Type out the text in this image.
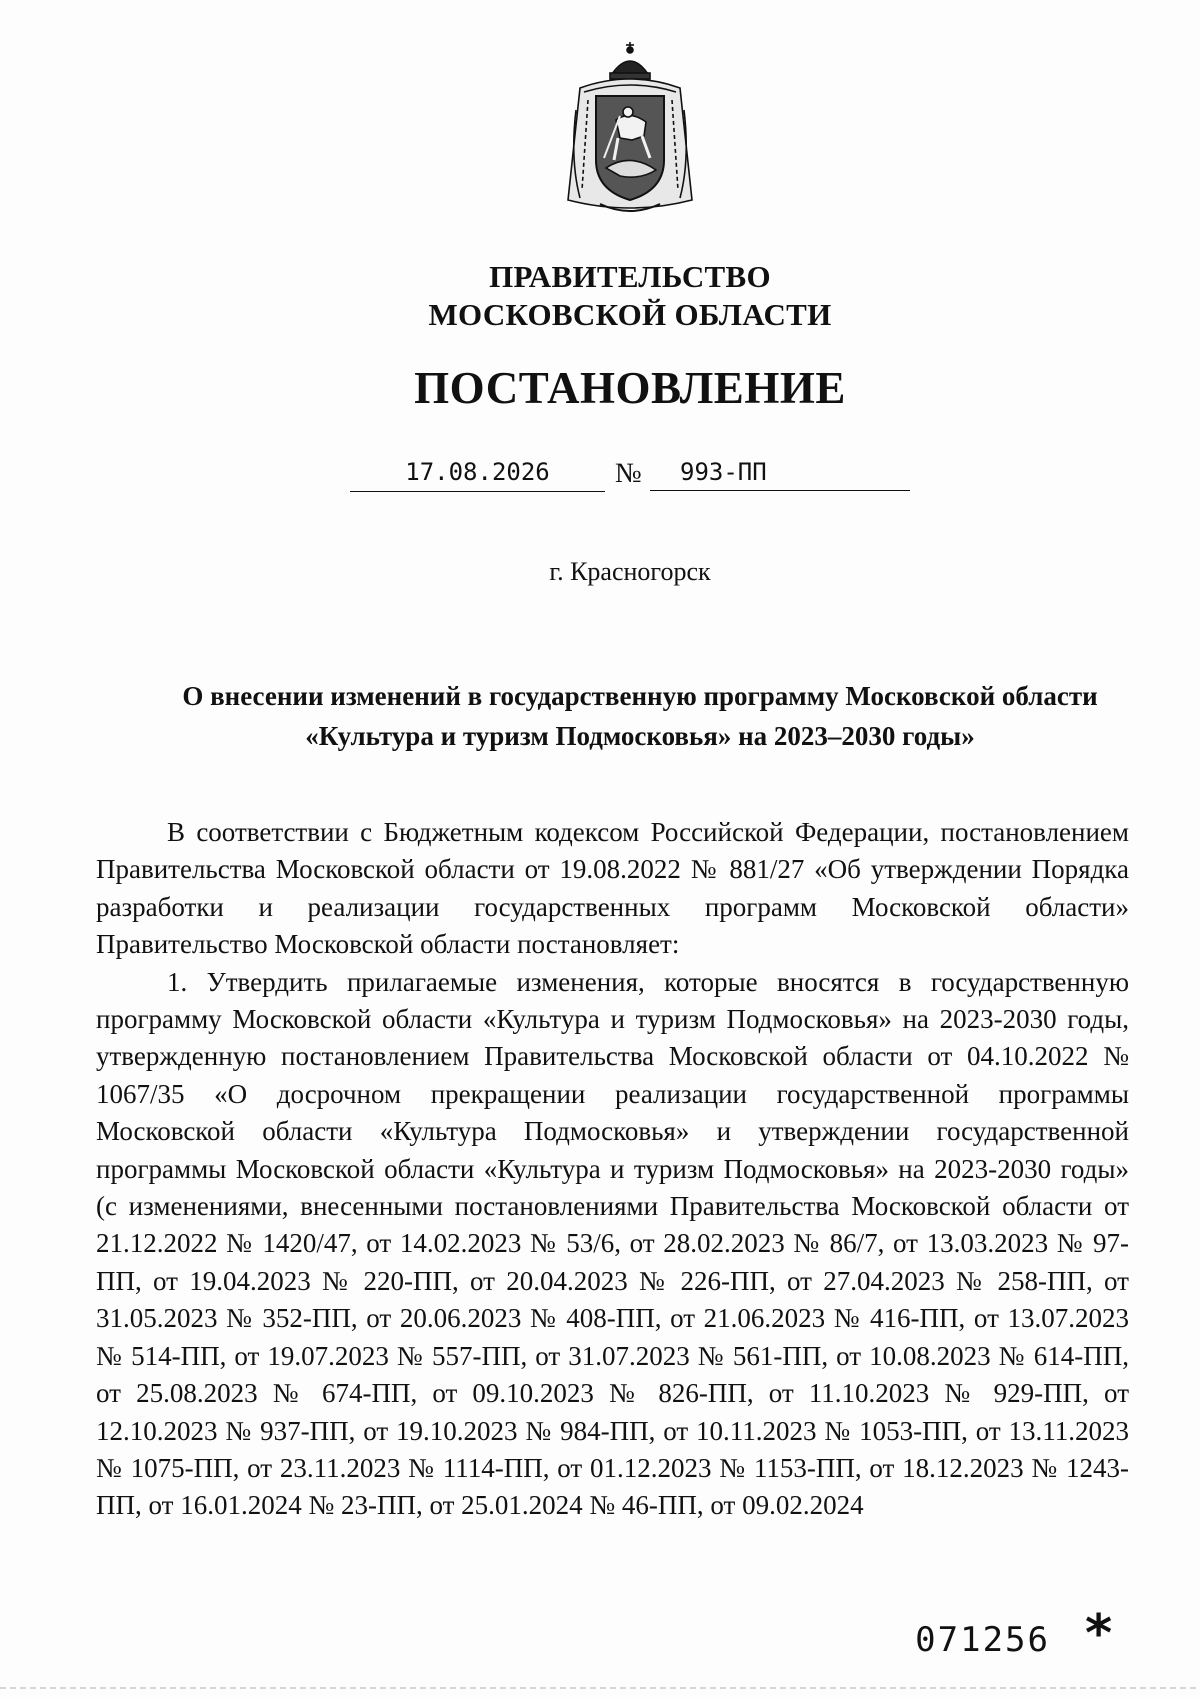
ПРАВИТЕЛЬСТВО
МОСКОВСКОЙ ОБЛАСТИ
ПОСТАНОВЛЕНИЕ
17.08.2026	№	993-ПП
г. Красногорск
О внесении изменений в государственную программу Московской области
«Культура и туризм Подмосковья» на 2023–2030 годы»

В соответствии с Бюджетным кодексом Российской Федерации, постановлением Правительства Московской области от 19.08.2022 № 881/27 «Об утверждении Порядка разработки и реализации государственных программ Московской области» Правительство Московской области постановляет:

1. Утвердить прилагаемые изменения, которые вносятся в государственную программу Московской области «Культура и туризм Подмосковья» на 2023-2030 годы, утвержденную постановлением Правительства Московской области от 04.10.2022 № 1067/35 «О досрочном прекращении реализации государственной программы Московской области «Культура Подмосковья» и утверждении государственной программы Московской области «Культура и туризм Подмосковья» на 2023-2030 годы» (с изменениями, внесенными постановлениями Правительства Московской области от 21.12.2022 № 1420/47, от 14.02.2023 № 53/6, от 28.02.2023 № 86/7, от 13.03.2023 № 97-ПП, от 19.04.2023 № 220-ПП, от 20.04.2023 № 226-ПП, от 27.04.2023 № 258-ПП, от 31.05.2023 № 352-ПП, от 20.06.2023 № 408-ПП, от 21.06.2023 № 416-ПП, от 13.07.2023 № 514-ПП, от 19.07.2023 № 557-ПП, от 31.07.2023 № 561-ПП, от 10.08.2023 № 614-ПП, от 25.08.2023 № 674-ПП, от 09.10.2023 № 826-ПП, от 11.10.2023 № 929-ПП, от 12.10.2023 № 937-ПП, от 19.10.2023 № 984-ПП, от 10.11.2023 № 1053-ПП, от 13.11.2023 № 1075-ПП, от 23.11.2023 № 1114-ПП, от 01.12.2023 № 1153-ПП, от 18.12.2023 № 1243-ПП, от 16.01.2024 № 23-ПП, от 25.01.2024 № 46-ПП, от 09.02.2024

071256 *
